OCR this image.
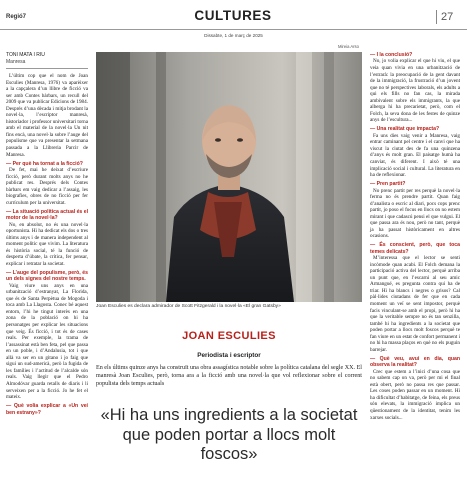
Regió7	CULTURES	27
Dissabte, 1 de març de 2025
Mireia Arso
TONI MATA I RIU
Manresa

L’últim cop que el nom de Joan Esculies (Manresa, 1976) va aparèixer a la capçalera d’un llibre de ficció va ser amb Contes bàrbars, un recull del 2009 que va publicar Edicions de 1984. Després d’una dècada i mitja brodant la novel·la, l’escriptor manresà, historiador i professor universitari torna amb el material de la novel·la Un nit fins encà, una novel·la sobre l’auge del populisme que va presentar la setmana passada a la Llibreria Parcir de Manresa.

— Per què ha tornat a la ficció?

De fet, mai he deixat d’escriure ficció, però durant molts anys no he publicat res. Després dels Contes bàrbars em vaig dedicar a l’assaig, les biografies, obres de no ficció per fer currículum per la universitat.

— La situació política actual és el motor de la novel·la?

No, en absolut, no és una novel·la oportunista. Hi ha dedicat els dos o tres últims anys i de manera independent al moment polític que vivim. La literatura és història social, té la funció de desperta d’úbate, la crítica, fer pensar, explicar i retratar la societat.

— L’auge del populisme, però, és un dels signes del nostre temps.

Vaig viure uns anys en una urbanització d’estranyat, La Florida, que és de Santa Perpètua de Mogoda i toca amb La Llagosta. Conec bé aquest entorn, l’hi he tingut interès en una zona de la població on hi ha personatges per explicar les situacions que veig. És ficció, i tot és de cases reals. Per exemple, la trama de l’assassinat està ben feta, pel que passa en un poble, i d’Andalusia, tot i que allà va ser en un gitano i jo faig que sigui un sud-americà, però la fugida de les famílies i l’actitud de l’alcalde són reals. Vaig llegir que el Pedro Almodóvar guarda retalls de diaris i li serveixen per a la ficció. Jo he fet el mateix.

— Què volia explicar a «Un veí ben estrany»?
Joan Esculies es declara admirador de Scott Fitzgerald i la novel·la «El gran Gatsby»
JOAN ESCULIES
Periodista i escriptor
En els últims quinze anys ha construït una obra assagística notable sobre la política catalana del segle XX. El manresà Joan Esculies, però, torna ara a la ficció amb una novel·la que vol reflexionar sobre el corrent populista dels temps actuals
«Hi ha uns ingredients a la societat que poden portar a llocs molt foscos»
— I la conclusió?

No, jo volia explicar el que hi viu, el que veia quan vivia en una urbanització de l’estrarà: la preocupació de la gent davant de la immigració, la frustració d’un jovent que no té perspectives laborals, els adults a qui els fills no fan cas, la mirada ambivalent sobre els immigrants, la que alberga hi ha precarietat, però, com el Folch, la seva dona de les festes de quinze anys de l’escultura...

— Una realitat que impacta?

Fa uns dies vaig venir a Manresa, vaig entrar caminant pel centre i el canvi que ha viscut la ciutat des de fa una quinzena d’anys és molt gran. El paisatge humà ha canviat, és diferent. I això té una implicació social i cultural. La literatura en ha de reflexionar.

— Pren partit?

No prenc partit per res perquè la novel·la ferma no és prendre partit. Quan faig d’analista o escric al diari, pocs cops prenc partit, jo poso el focus en llocs on no estem mirant i que cadascú pensi el que vulgui. El que passa ara és nou, però no tant, perquè ja ha passat històricament en altres ocasions.

— És conscient, però, que toca temes delicats?

M’interessa que el lector se senti incòmode quan acabi. El Folch demana la participació activa del lector, perquè arriba un punt que, en l’escarni al seu amic Armangué, es pregunta contra qui ha de triar. Hi ha blancs i negres o grisos? Cal pàl·lides ciutadans de fer que en cada moment un veï se sent impostor, perquè facis vinculant-se amb el propi, però hi ha que la veritable sempre no és tan senzilla, també hi ha ingredients a la societat que poden portar a llocs molt foscos perquè te fan viure en un estat de confort permanent i no hi ha massa plaços en què no els puguin barrejar.

— Què veu, avui en dia, quan observa la realitat?

Crec que estem a l’inici d’una cosa que no sabem cap on va, però per mi el final està obert, però no passa res que passar. Les coses poden passar en un moment. Hi ha dificultat d’habitatge, de feina, els preus són elevats, la immigració implica un qüestionament de la identitat, tenim les xarxes socials...
